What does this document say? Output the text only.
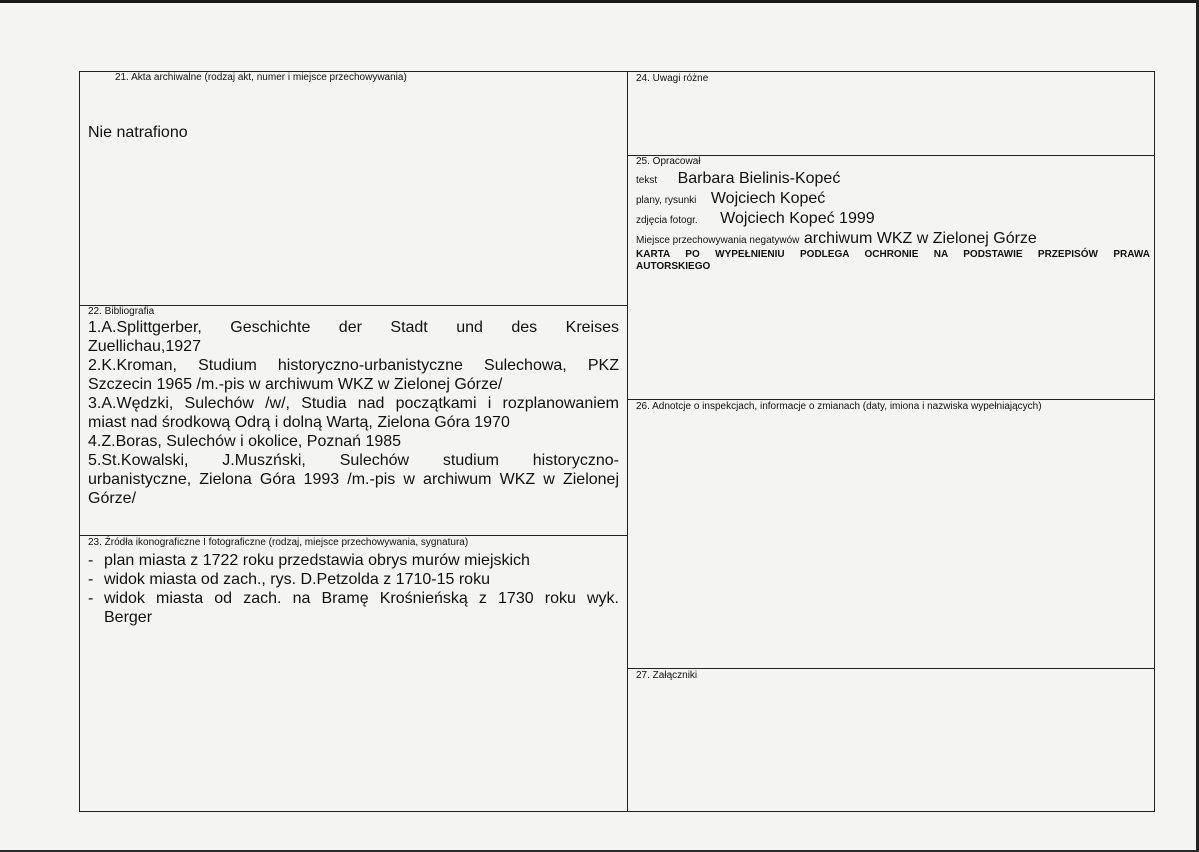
21. Akta archiwalne (rodzaj akt, numer i miejsce przechowywania)
Nie natrafiono
22. Bibliografia
1.A.Splittgerber, Geschichte der Stadt und des Kreises
Zuellichau,1927
2.K.Kroman, Studium historyczno-urbanistyczne Sulechowa, PKZ
Szczecin 1965 /m.-pis w archiwum WKZ w Zielonej Górze/
3.A.Wędzki, Sulechów /w/, Studia nad początkami i rozplanowaniem
miast nad środkową Odrą i dolną Wartą, Zielona Góra 1970
4.Z.Boras, Sulechów i okolice, Poznań 1985
5.St.Kowalski, J.Muszński, Sulechów studium historyczno-
urbanistyczne, Zielona Góra 1993 /m.-pis w archiwum WKZ w Zielonej
Górze/
23. Źródła ikonograficzne I fotograficzne (rodzaj, miejsce przechowywania, sygnatura)
- plan miasta z 1722 roku przedstawia obrys murów miejskich
- widok miasta od zach., rys. D.Petzolda z 1710-15 roku
- widok miasta od zach. na Bramę Krośnieńską z 1730 roku wyk.
Berger
24. Uwagi różne
25. Opracował
tekst Barbara Bielinis-Kopeć
plany, rysunki Wojciech Kopeć
zdjęcia fotogr. Wojciech Kopeć 1999
Miejsce przechowywania negatywów archiwum WKZ w Zielonej Górze
KARTA PO WYPEŁNIENIU PODLEGA OCHRONIE NA PODSTAWIE PRZEPISÓW PRAWA
AUTORSKIEGO
26. Adnotcje o inspekcjach, informacje o zmianach (daty, imiona i nazwiska wypełniających)
27. Załączniki
